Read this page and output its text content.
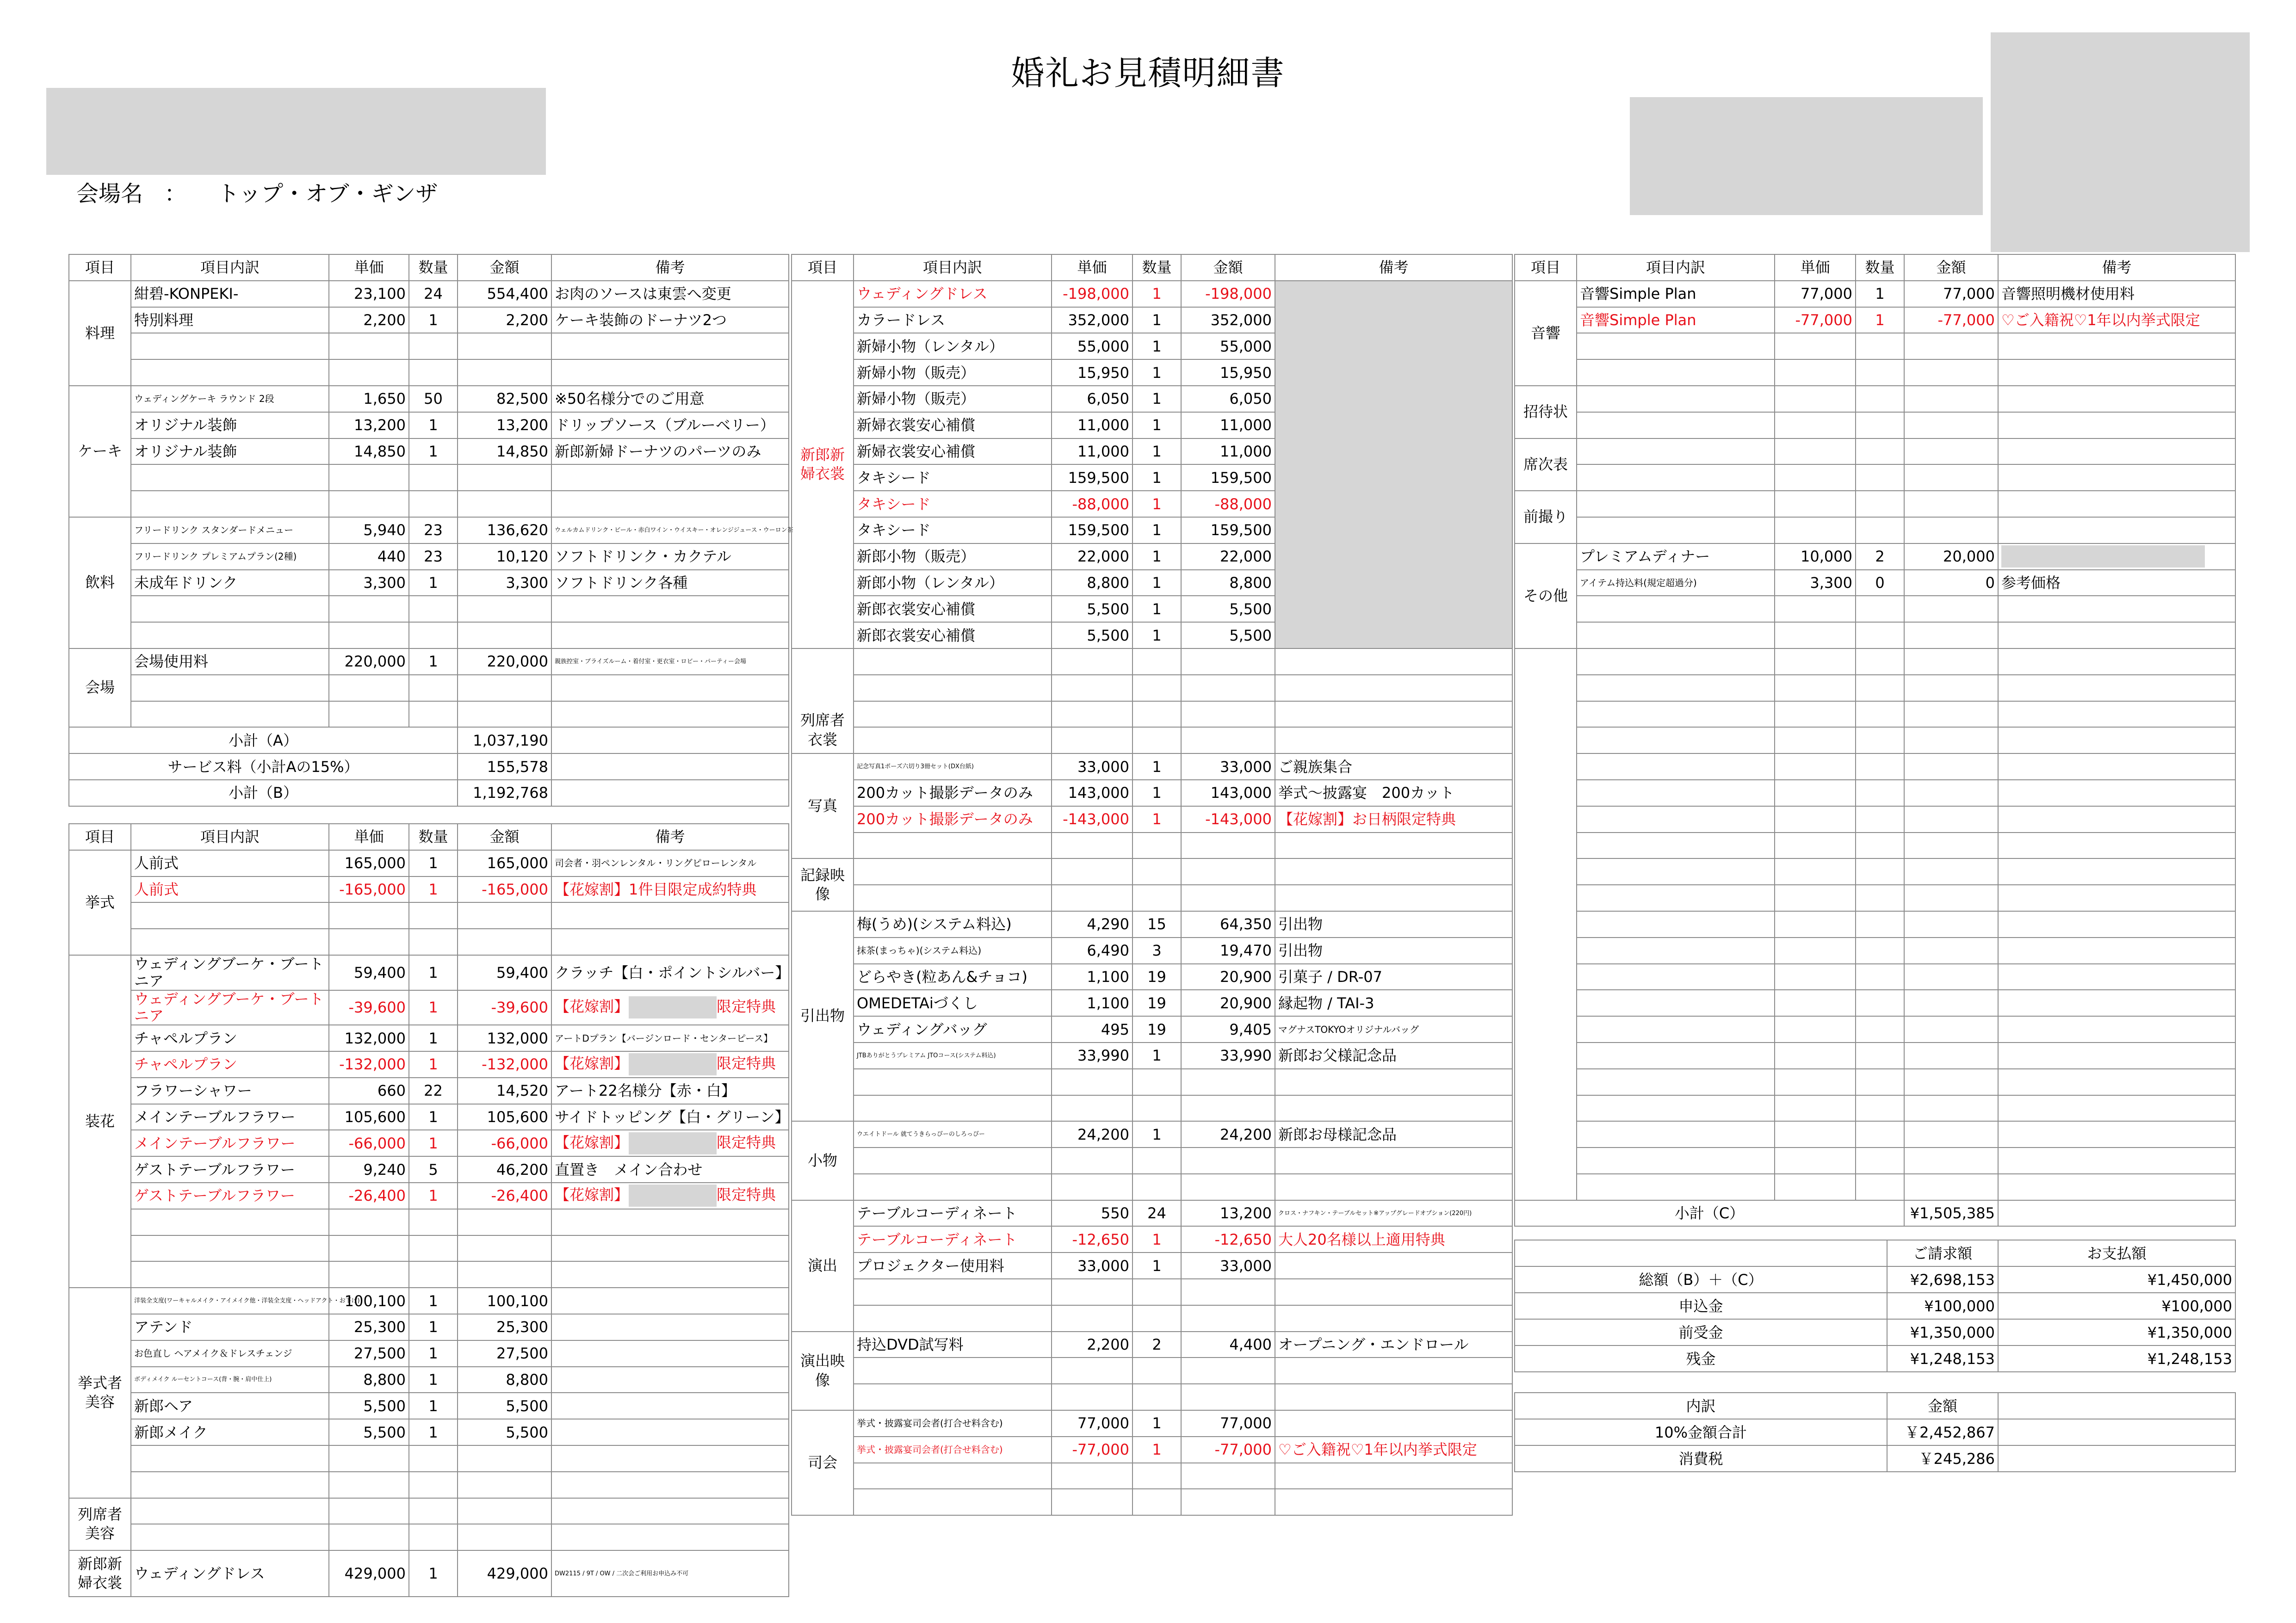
婚礼お見積明細書
会場名 ： トップ・オブ・ギンザ
項目	項目内訳	単価	数量	金額	備考
料理	紺碧-KONPEKI-	23,100	24	554,400	お肉のソースは東雲へ変更
	特別料理	2,200	1	2,200	ケーキ装飾のドーナツ2つ

ケーキ	ウェディングケーキ ラウンド 2段	1,650	50	82,500	※50名様分でのご用意
	オリジナル装飾	13,200	1	13,200	ドリップソース（ブルーベリー）
	オリジナル装飾	14,850	1	14,850	新郎新婦ドーナツのパーツのみ

飲料	フリードリンク スタンダードメニュー	5,940	23	136,620	ウェルカムドリンク・ビール・赤白ワイン・ウイスキー・オレンジジュース・ウーロン茶
	フリードリンク プレミアムプラン(2種)	440	23	10,120	ソフトドリンク・カクテル
	未成年ドリンク	3,300	1	3,300	ソフトドリンク各種

会場	会場使用料	220,000	1	220,000	親族控室・ブライズルーム・着付室・更衣室・ロビー・パーティー会場

小計（A）				1,037,190	
サービス料（小計Aの15%）				155,578	
小計（B）				1,192,768	
項目	項目内訳	単価	数量	金額	備考
挙式	人前式	165,000	1	165,000	司会者・羽ペンレンタル・リングピローレンタル
	人前式	-165,000	1	-165,000	【花嫁割】1件目限定成約特典

装花	ウェディングブーケ・ブートニア	59,400	1	59,400	クラッチ【白・ポイントシルバー】
	ウェディングブーケ・ブートニア	-39,600	1	-39,600	【花嫁割】 限定特典
	チャペルプラン	132,000	1	132,000	アートDプラン【バージンロード・センターピース】
	チャペルプラン	-132,000	1	-132,000	【花嫁割】 限定特典
	フラワーシャワー	660	22	14,520	アート22名様分【赤・白】
	メインテーブルフラワー	105,600	1	105,600	サイドトッピング【白・グリーン】
	メインテーブルフラワー	-66,000	1	-66,000	【花嫁割】 限定特典
	ゲストテーブルフラワー	9,240	5	46,200	直置き　メイン合わせ
	ゲストテーブルフラワー	-26,400	1	-26,400	【花嫁割】 限定特典

挙式者美容	洋装全支度(ワーキャルメイク・アイメイク他・洋装全支度・ヘッドアクト・お下げ)	100,100	1	100,100	
	アテンド	25,300	1	25,300	
	お色直し ヘアメイク＆ドレスチェンジ	27,500	1	27,500	
	ボディメイク ルーセントコース(背・腕・肩中仕上)	8,800	1	8,800	
	新郎ヘア	5,500	1	5,500	
	新郎メイク	5,500	1	5,500	

列席者美容					

新郎新婦衣裳	ウェディングドレス	429,000	1	429,000	DW2115 / 9T / OW / 二次会ご利用お申込み不可
項目	項目内訳	単価	数量	金額	備考
新郎新婦衣裳	ウェディングドレス	-198,000	1	-198,000	
	カラードレス	352,000	1	352,000	
	新婦小物（レンタル）	55,000	1	55,000	
	新婦小物（販売）	15,950	1	15,950	
	新婦小物（販売）	6,050	1	6,050	
	新婦衣裳安心補償	11,000	1	11,000	
	新婦衣裳安心補償	11,000	1	11,000	
	タキシード	159,500	1	159,500	
	タキシード	-88,000	1	-88,000	
	タキシード	159,500	1	159,500	
	新郎小物（販売）	22,000	1	22,000	
	新郎小物（レンタル）	8,800	1	8,800	
	新郎衣裳安心補償	5,500	1	5,500	
	新郎衣裳安心補償	5,500	1	5,500	
列席者衣裳					

写真	記念写真1ポーズ六切り3冊セット(DX台紙)	33,000	1	33,000	ご親族集合
	200カット撮影データのみ	143,000	1	143,000	挙式〜披露宴　200カット
	200カット撮影データのみ	-143,000	1	-143,000	【花嫁割】お日柄限定特典

記録映像					

引出物	梅(うめ)(システム料込)	4,290	15	64,350	引出物
	抹茶(まっちゃ)(システム料込)	6,490	3	19,470	引出物
	どらやき(粒あん&チョコ)	1,100	19	20,900	引菓子 / DR-07
	OMEDETAiづくし	1,100	19	20,900	縁起物 / TAI-3
	ウェディングバッグ	495	19	9,405	マグナスTOKYOオリジナルバッグ
	JTBありがとうプレミアム JTOコース(システム料込)	33,990	1	33,990	新郎お父様記念品

小物	ウエイトドール 就てうきらっぴーのしろっぴー	24,200	1	24,200	新郎お母様記念品

演出	テーブルコーディネート	550	24	13,200	クロス・ナフキン・テーブルセット※アップグレードオプション(220円)
	テーブルコーディネート	-12,650	1	-12,650	大人20名様以上適用特典
	プロジェクター使用料	33,000	1	33,000	

演出映像	持込DVD試写料	2,200	2	4,400	オープニング・エンドロール

司会	挙式・披露宴司会者(打合せ料含む)	77,000	1	77,000	
	挙式・披露宴司会者(打合せ料含む)	-77,000	1	-77,000	♡ご入籍祝♡1年以内挙式限定

項目	項目内訳	単価	数量	金額	備考
音響	音響Simple Plan	77,000	1	77,000	音響照明機材使用料
	音響Simple Plan	-77,000	1	-77,000	♡ご入籍祝♡1年以内挙式限定

招待状					

席次表					

前撮り					

その他	プレミアムディナー	10,000	2	20,000	
	アイテム持込料(規定超過分)	3,300	0	0	参考価格

小計（C）				¥1,505,385	
	ご請求額	お支払額
総額（B）＋（C）	¥2,698,153	¥1,450,000
申込金	¥100,000	¥100,000
前受金	¥1,350,000	¥1,350,000
残金	¥1,248,153	¥1,248,153
内訳	金額	
10%金額合計	￥2,452,867	
消費税	￥245,286	
